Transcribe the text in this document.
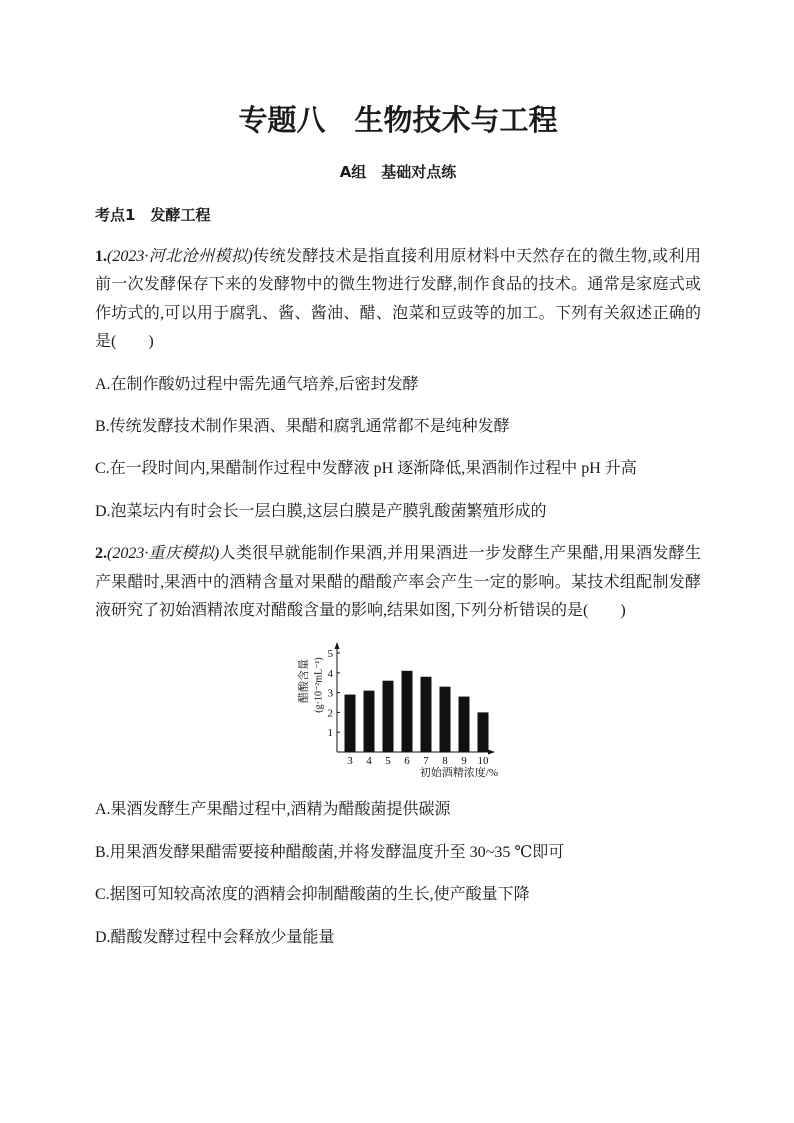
专题八　生物技术与工程
A组　基础对点练
考点1　发酵工程

1.(2023·河北沧州模拟)传统发酵技术是指直接利用原材料中天然存在的微生物,或利用前一次发酵保存下来的发酵物中的微生物进行发酵,制作食品的技术。通常是家庭式或作坊式的,可以用于腐乳、酱、酱油、醋、泡菜和豆豉等的加工。下列有关叙述正确的是(　　)

A.在制作酸奶过程中需先通气培养,后密封发酵

B.传统发酵技术制作果酒、果醋和腐乳通常都不是纯种发酵

C.在一段时间内,果醋制作过程中发酵液 pH 逐渐降低,果酒制作过程中 pH 升高

D.泡菜坛内有时会长一层白膜,这层白膜是产膜乳酸菌繁殖形成的

2.(2023·重庆模拟)人类很早就能制作果酒,并用果酒进一步发酵生产果醋,用果酒发酵生产果醋时,果酒中的酒精含量对果醋的醋酸产率会产生一定的影响。某技术组配制发酵液研究了初始酒精浓度对醋酸含量的影响,结果如图,下列分析错误的是(　　)

醋酸含量 (g·10⁻²mL⁻¹)
1
2
3
4
5
3 4 5 6 7 8 9 10
初始酒精浓度/%

A.果酒发酵生产果醋过程中,酒精为醋酸菌提供碳源

B.用果酒发酵果醋需要接种醋酸菌,并将发酵温度升至 30~35 ℃即可

C.据图可知较高浓度的酒精会抑制醋酸菌的生长,使产酸量下降

D.醋酸发酵过程中会释放少量能量
